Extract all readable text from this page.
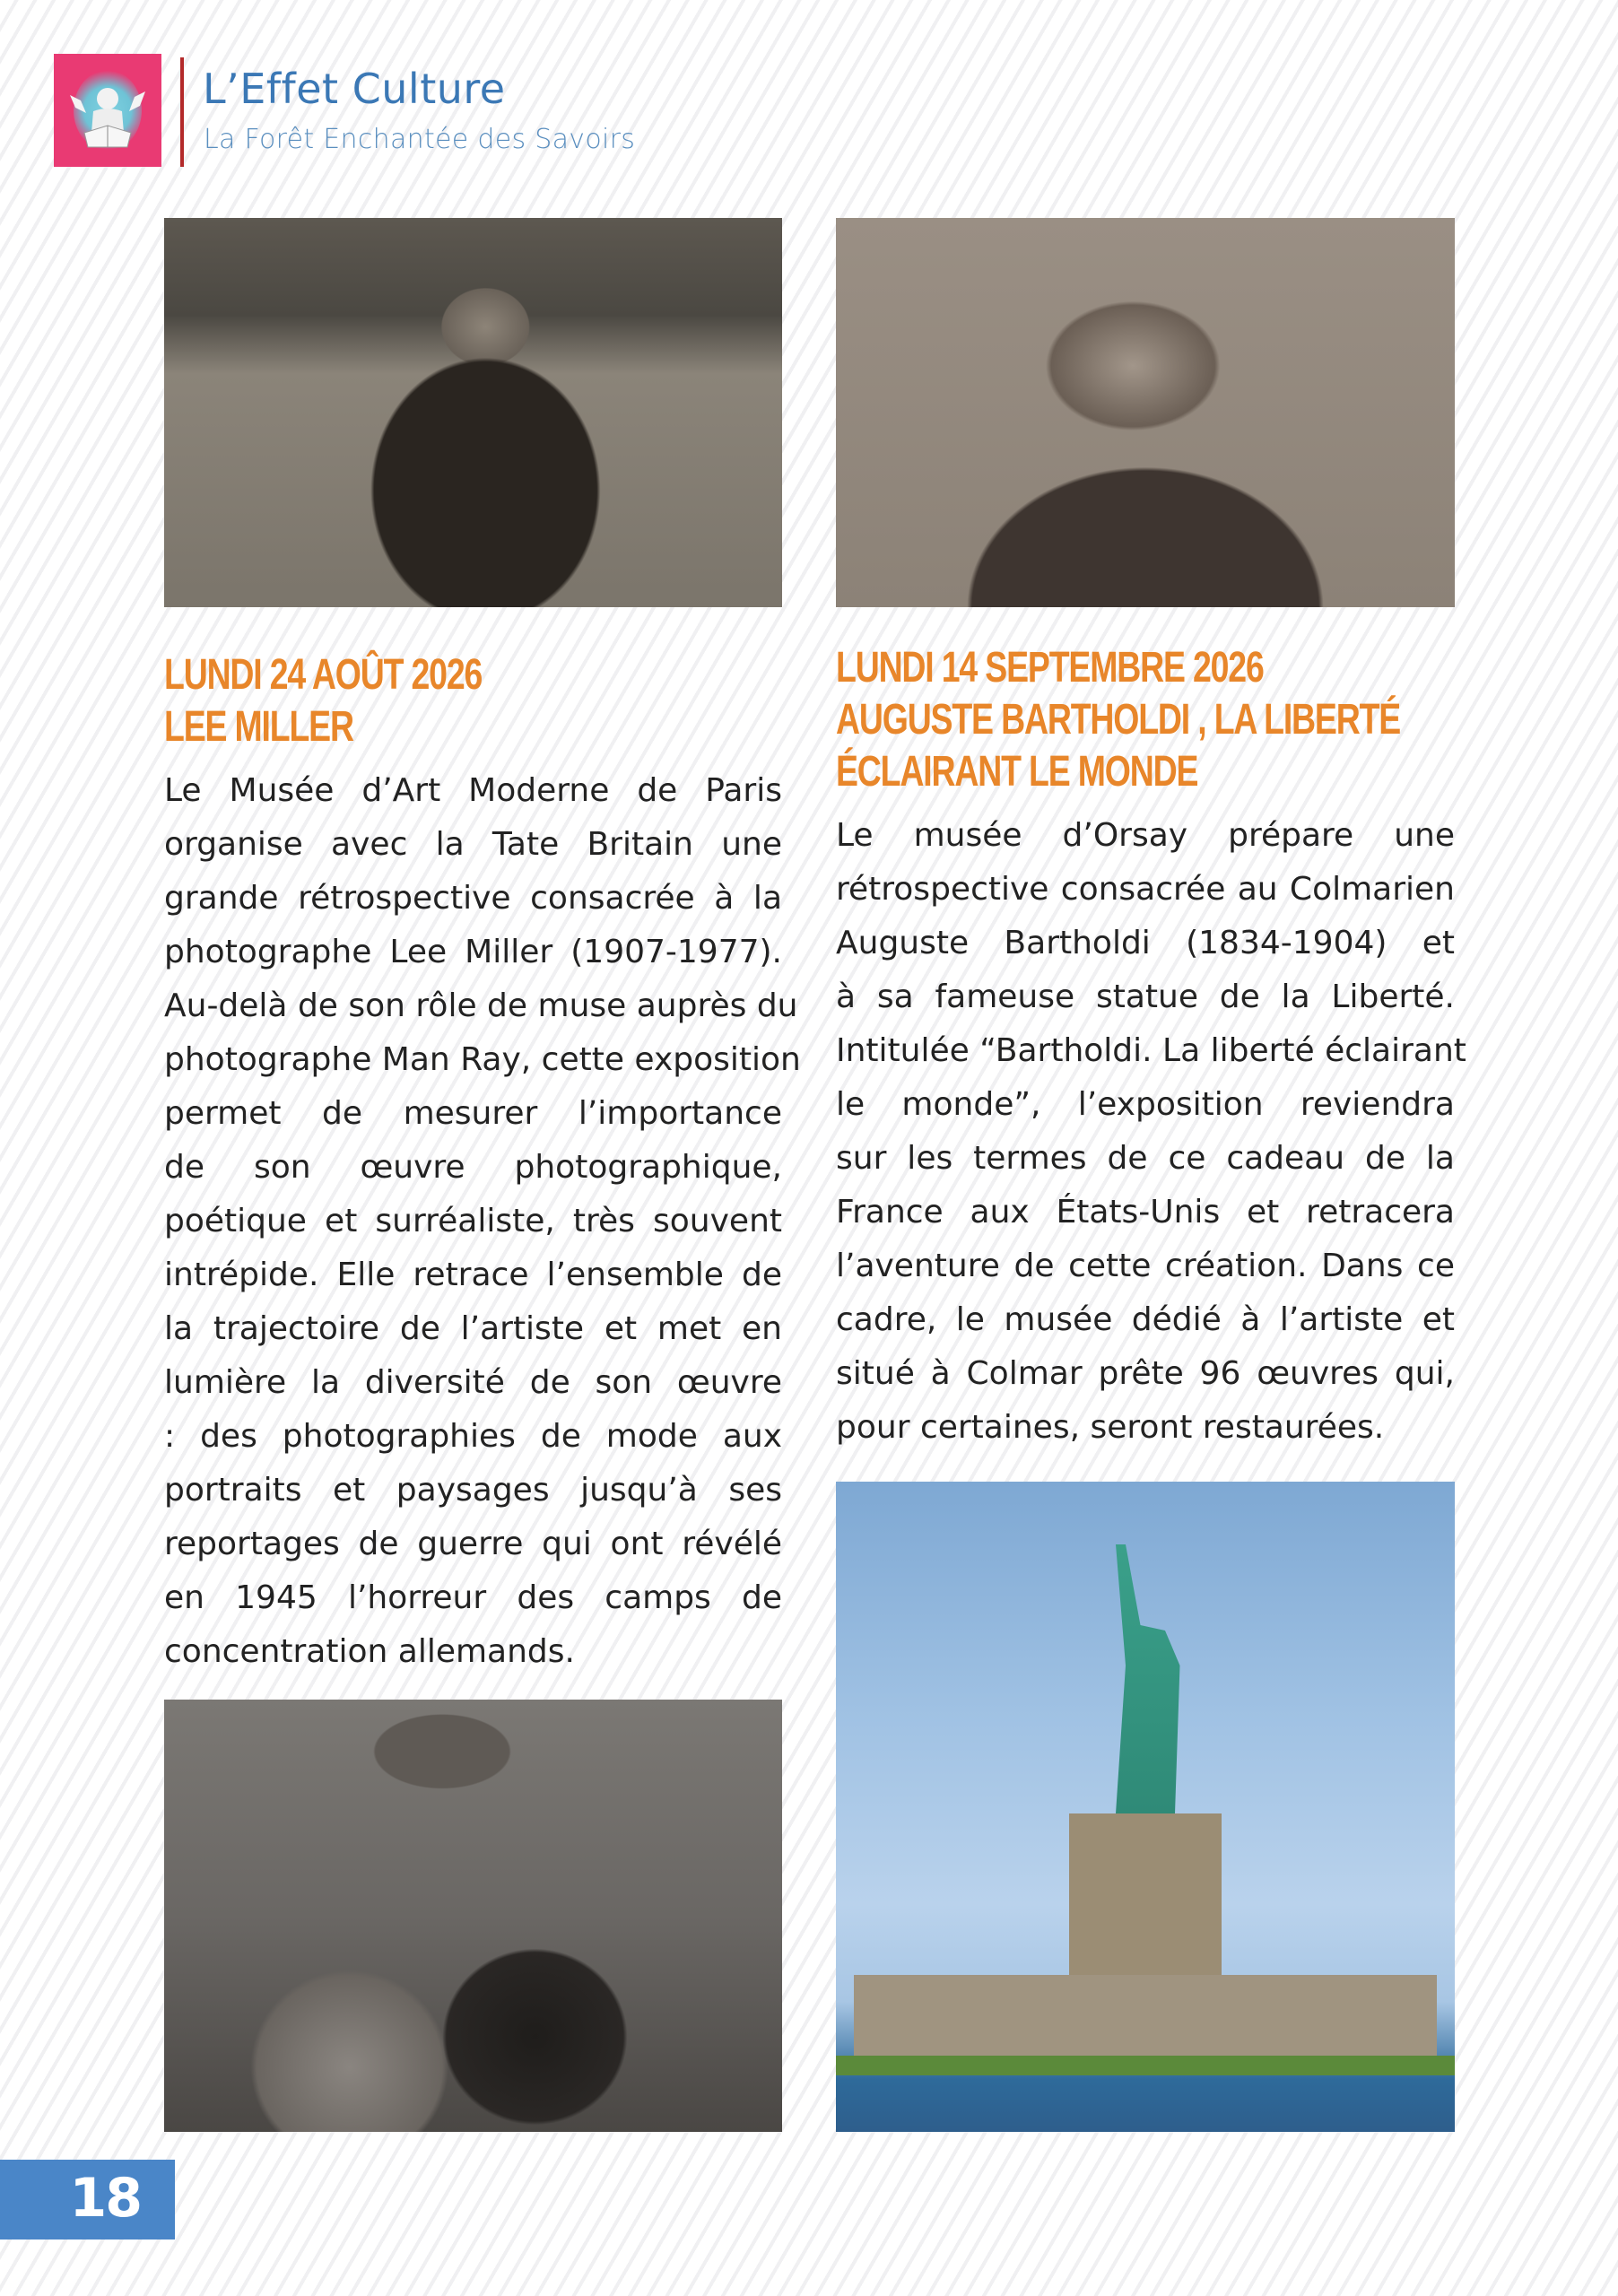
L’Effet Culture
La Forêt Enchantée des Savoirs
LUNDI 24 AOÛT 2026
LEE MILLER
Le Musée d’Art Moderne de Paris
organise avec la Tate Britain une
grande rétrospective consacrée à la
photographe Lee Miller (1907-1977).
Au-delà de son rôle de muse auprès du
photographe Man Ray, cette exposition
permet de mesurer l’importance
de son œuvre photographique,
poétique et surréaliste, très souvent
intrépide. Elle retrace l’ensemble de
la trajectoire de l’artiste et met en
lumière la diversité de son œuvre
: des photographies de mode aux
portraits et paysages jusqu’à ses
reportages de guerre qui ont révélé
en 1945 l’horreur des camps de
concentration allemands.
LUNDI 14 SEPTEMBRE 2026
AUGUSTE BARTHOLDI , LA LIBERTÉ
ÉCLAIRANT LE MONDE
Le musée d’Orsay prépare une
rétrospective consacrée au Colmarien
Auguste Bartholdi (1834-1904) et
à sa fameuse statue de la Liberté.
Intitulée “Bartholdi. La liberté éclairant
le monde”, l’exposition reviendra
sur les termes de ce cadeau de la
France aux États-Unis et retracera
l’aventure de cette création. Dans ce
cadre, le musée dédié à l’artiste et
situé à Colmar prête 96 œuvres qui,
pour certaines, seront restaurées.
18
